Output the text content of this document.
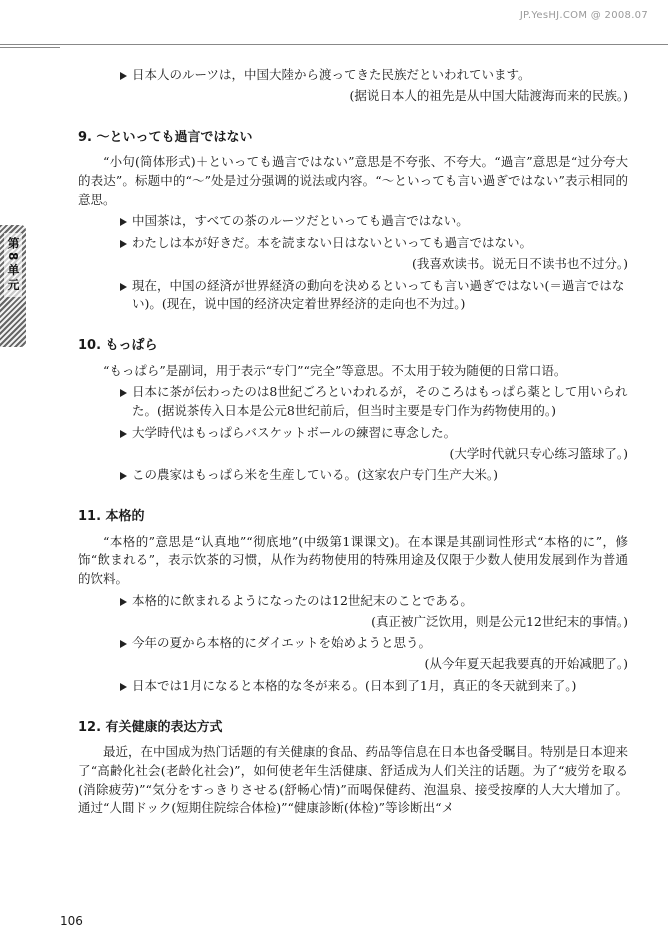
JP.YesHJ.COM @ 2008.07
第8单元

日本人のルーツは，中国大陸から渡ってきた民族だといわれています。

(据说日本人的祖先是从中国大陆渡海而来的民族。)

9. ～といっても過言ではない

“小句(简体形式)＋といっても過言ではない”意思是不夸张、不夸大。“過言”意思是“过分夸大的表达”。标题中的“～”处是过分强调的说法或内容。“～といっても言い過ぎではない”表示相同的意思。

中国茶は，すべての茶のルーツだといっても過言ではない。

わたしは本が好きだ。本を読まない日はないといっても過言ではない。

(我喜欢读书。说无日不读书也不过分。)

現在，中国の経済が世界経済の動向を決めるといっても言い過ぎではない(＝過言ではない)。(现在，说中国的经济决定着世界经济的走向也不为过。)

10. もっぱら

“もっぱら”是副词，用于表示“专门”“完全”等意思。不太用于较为随便的日常口语。

日本に茶が伝わったのは8世紀ごろといわれるが，そのころはもっぱら薬として用いられた。(据说茶传入日本是公元8世纪前后，但当时主要是专门作为药物使用的。)

大学時代はもっぱらバスケットボールの練習に専念した。

(大学时代就只专心练习篮球了。)

この農家はもっぱら米を生産している。(这家农户专门生产大米。)

11. 本格的

“本格的”意思是“认真地”“彻底地”(中级第1课课文)。在本课是其副词性形式“本格的に”，修饰“飲まれる”，表示饮茶的习惯，从作为药物使用的特殊用途及仅限于少数人使用发展到作为普通的饮料。

本格的に飲まれるようになったのは12世紀末のことである。

(真正被广泛饮用，则是公元12世纪末的事情。)

今年の夏から本格的にダイエットを始めようと思う。

(从今年夏天起我要真的开始减肥了。)

日本では1月になると本格的な冬が来る。(日本到了1月，真正的冬天就到来了。)

12. 有关健康的表达方式

最近，在中国成为热门话题的有关健康的食品、药品等信息在日本也备受瞩目。特别是日本迎来了“高齢化社会(老龄化社会)”，如何使老年生活健康、舒适成为人们关注的话题。为了“疲労を取る(消除疲劳)”“気分をすっきりさせる(舒畅心情)”而喝保健药、泡温泉、接受按摩的人大大增加了。通过“人間ドック(短期住院综合体检)”“健康診断(体检)”等诊断出“メ

106
